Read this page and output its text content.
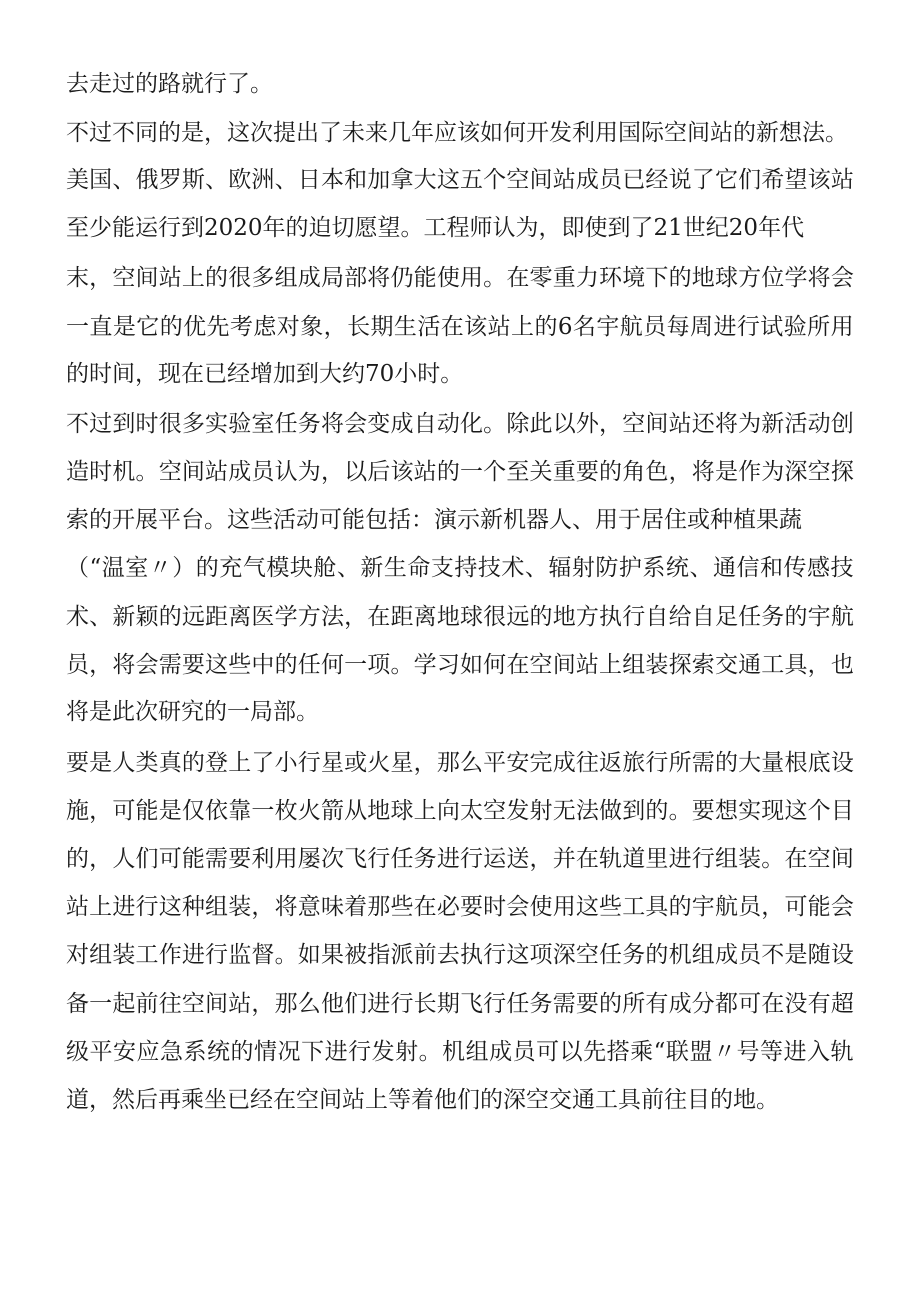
去走过的路就行了。

不过不同的是，这次提出了未来几年应该如何开发利用国际空间站的新想法。

美国、俄罗斯、欧洲、日本和加拿大这五个空间站成员已经说了它们希望该站

至少能运行到2020年的迫切愿望。工程师认为，即使到了21世纪20年代

末，空间站上的很多组成局部将仍能使用。在零重力环境下的地球方位学将会

一直是它的优先考虑对象，长期生活在该站上的6名宇航员每周进行试验所用

的时间，现在已经增加到大约70小时。

不过到时很多实验室任务将会变成自动化。除此以外，空间站还将为新活动创

造时机。空间站成员认为，以后该站的一个至关重要的角色，将是作为深空探

索的开展平台。这些活动可能包括：演示新机器人、用于居住或种植果蔬

（“温室〃）的充气模块舱、新生命支持技术、辐射防护系统、通信和传感技

术、新颖的远距离医学方法，在距离地球很远的地方执行自给自足任务的宇航

员，将会需要这些中的任何一项。学习如何在空间站上组装探索交通工具，也

将是此次研究的一局部。

要是人类真的登上了小行星或火星，那么平安完成往返旅行所需的大量根底设

施，可能是仅依靠一枚火箭从地球上向太空发射无法做到的。要想实现这个目

的，人们可能需要利用屡次飞行任务进行运送，并在轨道里进行组装。在空间

站上进行这种组装，将意味着那些在必要时会使用这些工具的宇航员，可能会

对组装工作进行监督。如果被指派前去执行这项深空任务的机组成员不是随设

备一起前往空间站，那么他们进行长期飞行任务需要的所有成分都可在没有超

级平安应急系统的情况下进行发射。机组成员可以先搭乘“联盟〃号等进入轨

道，然后再乘坐已经在空间站上等着他们的深空交通工具前往目的地。
